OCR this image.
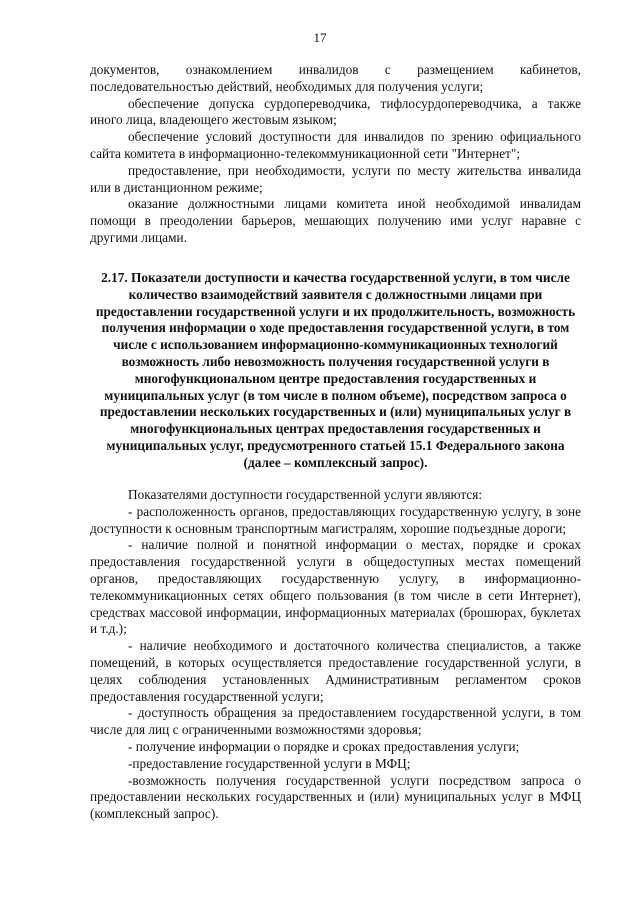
17

документов, ознакомлением инвалидов с размещением кабинетов, последовательностью действий, необходимых для получения услуги;

обеспечение допуска сурдопереводчика, тифлосурдопереводчика, а также иного лица, владеющего жестовым языком;

обеспечение условий доступности для инвалидов по зрению официального сайта комитета в информационно-телекоммуникационной сети "Интернет";

предоставление, при необходимости, услуги по месту жительства инвалида или в дистанционном режиме;

оказание должностными лицами комитета иной необходимой инвалидам помощи в преодолении барьеров, мешающих получению ими услуг наравне с другими лицами.

2.17. Показатели доступности и качества государственной услуги, в том числе количество взаимодействий заявителя с должностными лицами при предоставлении государственной услуги и их продолжительность, возможность получения информации о ходе предоставления государственной услуги, в том числе с использованием информационно-коммуникационных технологий возможность либо невозможность получения государственной услуги в многофункциональном центре предоставления государственных и муниципальных услуг (в том числе в полном объеме), посредством запроса о предоставлении нескольких государственных и (или) муниципальных услуг в многофункциональных центрах предоставления государственных и муниципальных услуг, предусмотренного статьей 15.1 Федерального закона (далее – комплексный запрос).

Показателями доступности государственной услуги являются:

- расположенность органов, предоставляющих государственную услугу, в зоне доступности к основным транспортным магистралям, хорошие подъездные дороги;

- наличие полной и понятной информации о местах, порядке и сроках предоставления государственной услуги в общедоступных местах помещений органов, предоставляющих государственную услугу, в информационно-телекоммуникационных сетях общего пользования (в том числе в сети Интернет), средствах массовой информации, информационных материалах (брошюрах, буклетах и т.д.);

- наличие необходимого и достаточного количества специалистов, а также помещений, в которых осуществляется предоставление государственной услуги, в целях соблюдения установленных Административным регламентом сроков предоставления государственной услуги;

- доступность обращения за предоставлением государственной услуги, в том числе для лиц с ограниченными возможностями здоровья;

- получение информации о порядке и сроках предоставления услуги;

-предоставление государственной услуги в МФЦ;

-возможность получения государственной услуги посредством запроса о предоставлении нескольких государственных и (или) муниципальных услуг в МФЦ (комплексный запрос).
